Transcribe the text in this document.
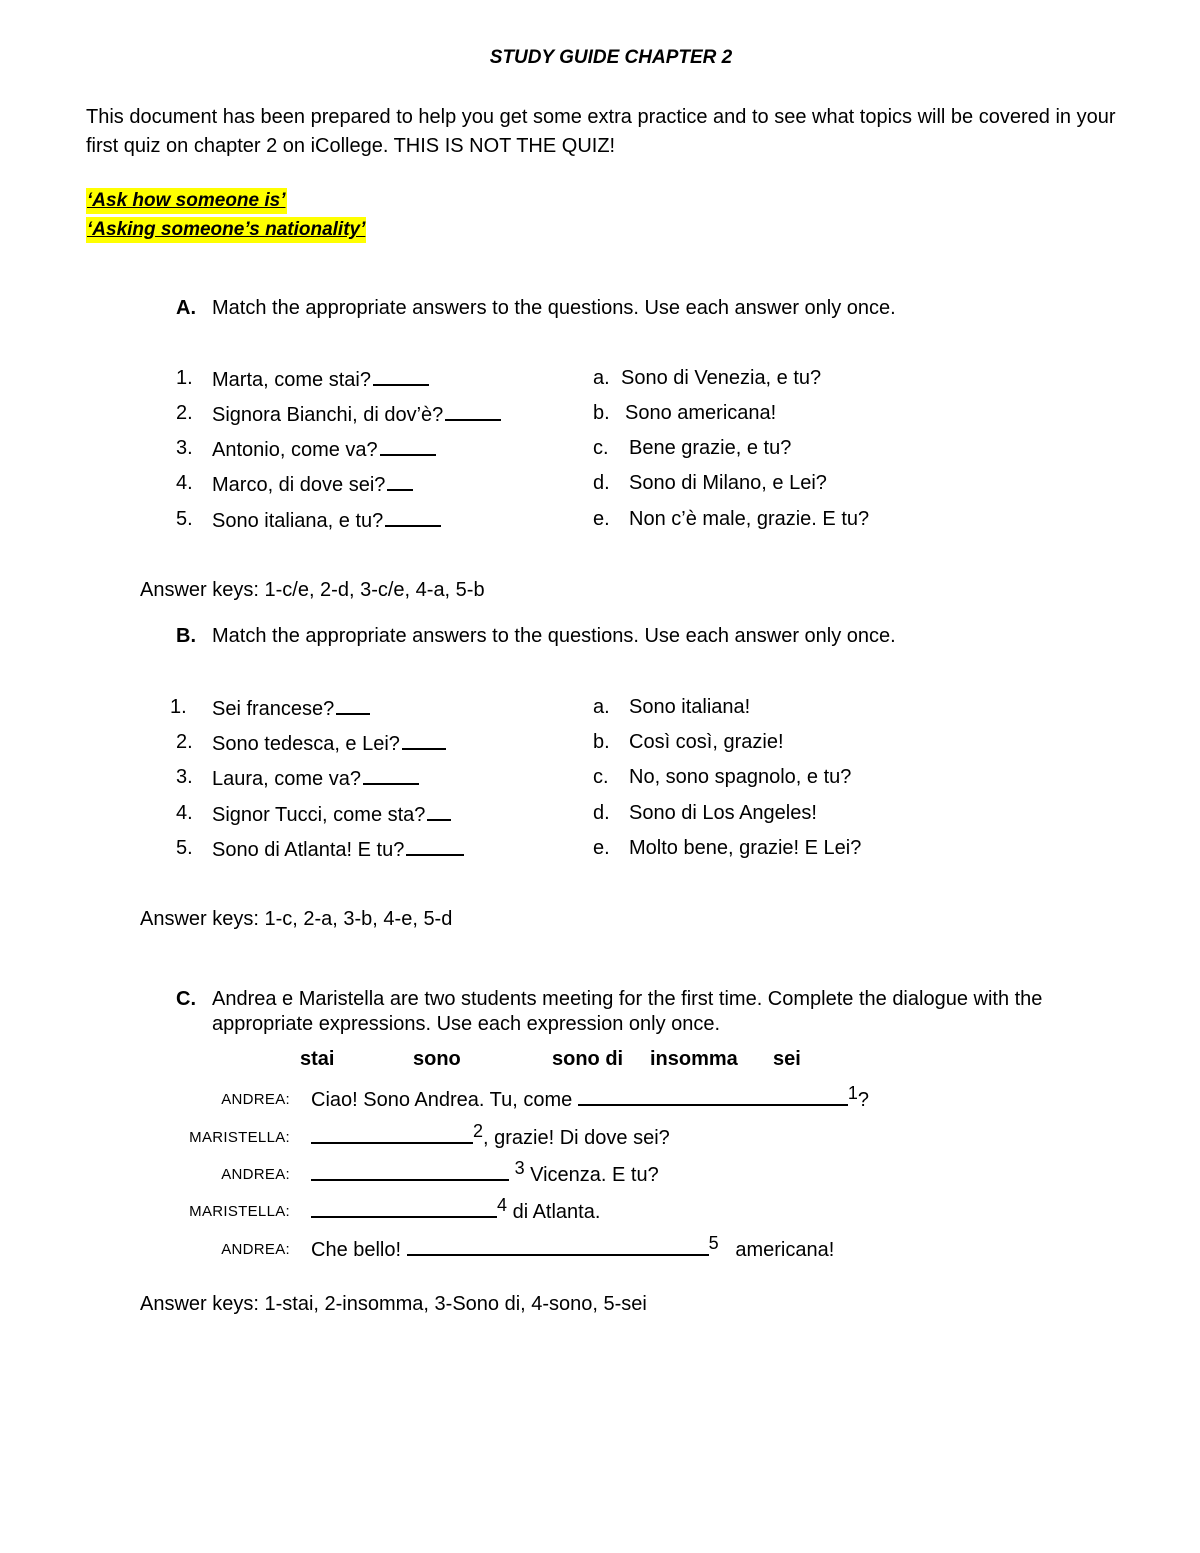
STUDY GUIDE CHAPTER 2
This document has been prepared to help you get some extra practice and to see what topics will be covered in your first quiz on chapter 2 on iCollege. THIS IS NOT THE QUIZ!
‘Ask how someone is’
‘Asking someone’s nationality’
A. Match the appropriate answers to the questions. Use each answer only once.
1. Marta, come stai?
2. Signora Bianchi, di dov’è?
3. Antonio, come va?
4. Marco, di dove sei?
5. Sono italiana, e tu?
a. Sono di Venezia, e tu?
b. Sono americana!
c. Bene grazie, e tu?
d. Sono di Milano, e Lei?
e. Non c’è male, grazie. E tu?
Answer keys: 1-c/e, 2-d, 3-c/e, 4-a, 5-b
B. Match the appropriate answers to the questions. Use each answer only once.
1. Sei francese?
2. Sono tedesca, e Lei?
3. Laura, come va?
4. Signor Tucci, come sta?
5. Sono di Atlanta! E tu?
a. Sono italiana!
b. Così così, grazie!
c. No, sono spagnolo, e tu?
d. Sono di Los Angeles!
e. Molto bene, grazie! E Lei?
Answer keys: 1-c, 2-a, 3-b, 4-e, 5-d
C. Andrea e Maristella are two students meeting for the first time. Complete the dialogue with the
appropriate expressions. Use each expression only once.
stai	sono	sono di insomma sei
ANDREA: Ciao! Sono Andrea. Tu, come	1?
MARISTELLA:	2, grazie! Di dove sei?
ANDREA:	3 Vicenza. E tu?
MARISTELLA:	4 di Atlanta.
ANDREA: Che bello!	5   americana!
Answer keys: 1-stai, 2-insomma, 3-Sono di, 4-sono, 5-sei
